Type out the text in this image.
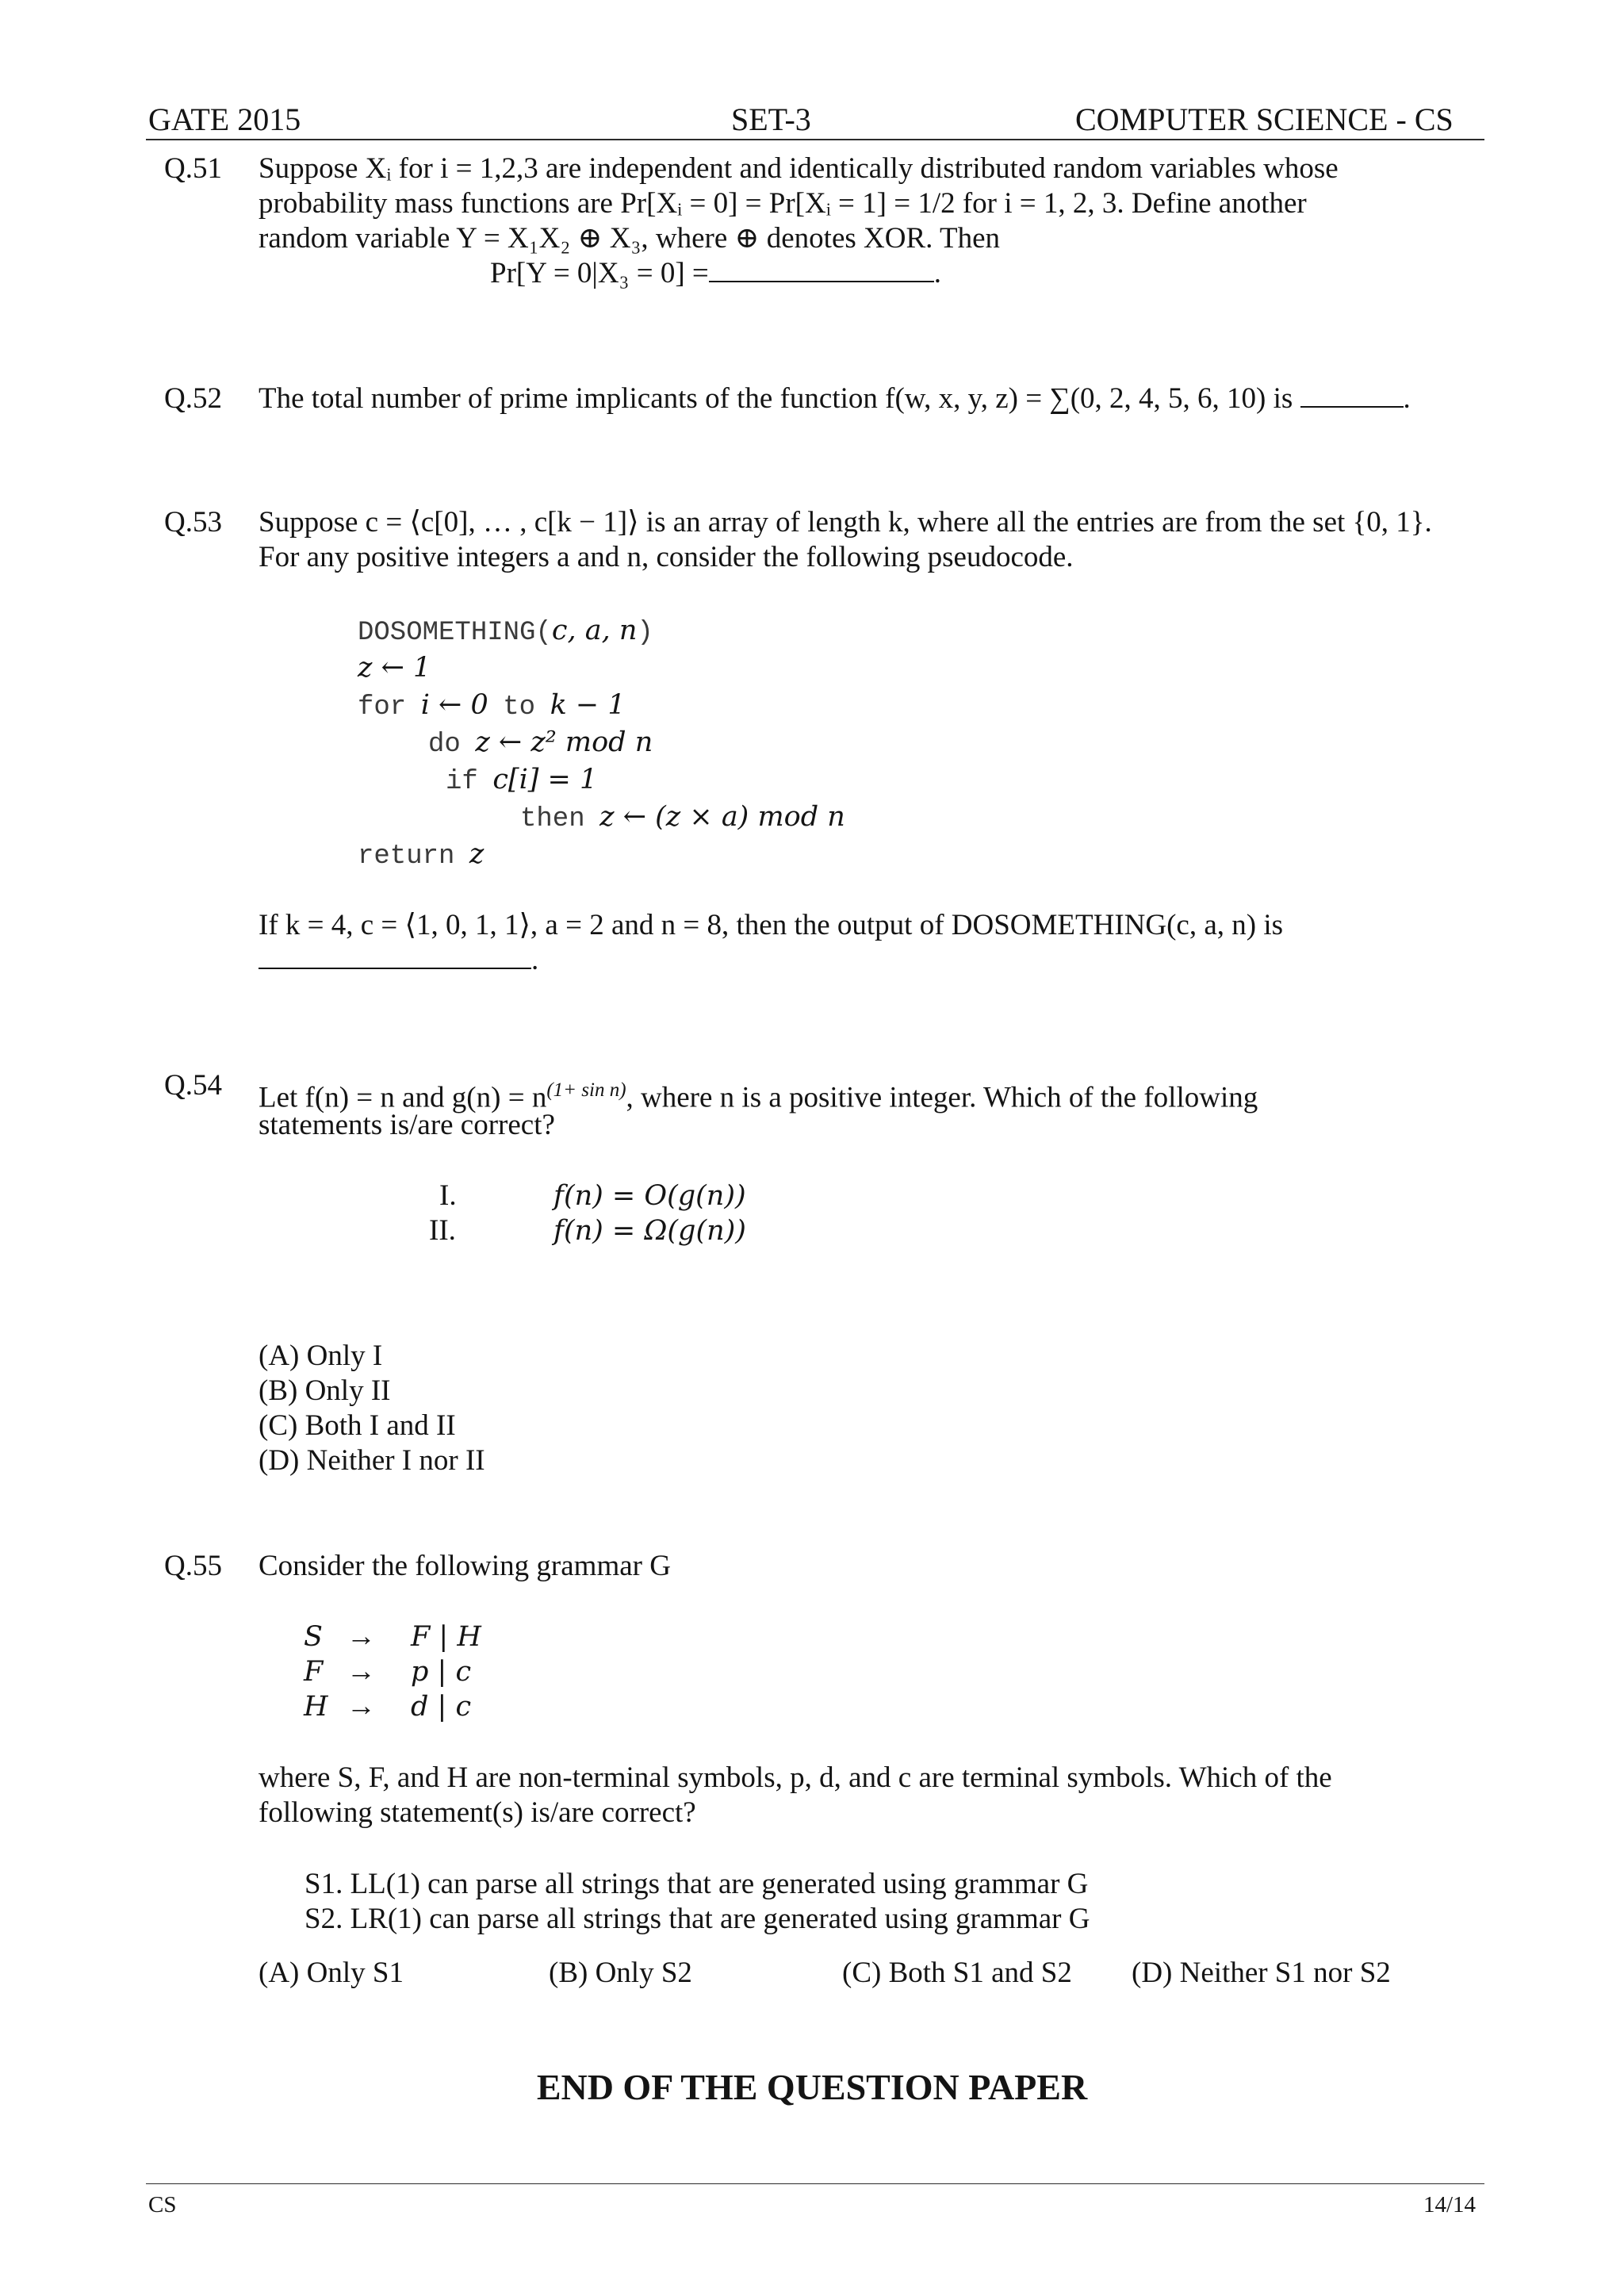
GATE 2015	SET-3	COMPUTER SCIENCE - CS
Q.51 Suppose Xᵢ for i = 1,2,3 are independent and identically distributed random variables whose
probability mass functions are Pr[Xᵢ = 0] = Pr[Xᵢ = 1] = 1/2 for i = 1, 2, 3. Define another
random variable Y = X₁X₂ ⊕ X₃, where ⊕ denotes XOR. Then
Pr[Y = 0|X₃ = 0] =	.
Q.52 The total number of prime implicants of the function f(w, x, y, z) = ∑(0, 2, 4, 5, 6, 10) is	.
Q.53 Suppose c = ⟨c[0], … , c[k − 1]⟩ is an array of length k, where all the entries are from the set {0, 1}.
For any positive integers a and n, consider the following pseudocode.
DOSOMETHING(c, a, n)
z ← 1
for i ← 0 to k − 1
do z ← z² mod n
if c[i] = 1
then z ← (z × a) mod n
return z
If k = 4, c = ⟨1, 0, 1, 1⟩, a = 2 and n = 8, then the output of DOSOMETHING(c, a, n) is
.
Q.54 Let f(n) = n and $g(n) = n^{(1+ sin n)}$, where n is a positive integer. Which of the following
statements is/are correct?
I.	f(n) = O(g(n))
II.	f(n) = Ω(g(n))
(A) Only I
(B) Only II
(C) Both I and II
(D) Neither I nor II
Q.55 Consider the following grammar G
S → F | H
F → p | c
H → d | c
where S, F, and H are non-terminal symbols, p, d, and c are terminal symbols. Which of the
following statement(s) is/are correct?
S1. LL(1) can parse all strings that are generated using grammar G
S2. LR(1) can parse all strings that are generated using grammar G
(A) Only S1	(B) Only S2	(C) Both S1 and S2 (D) Neither S1 nor S2
END OF THE QUESTION PAPER
CS	14/14
